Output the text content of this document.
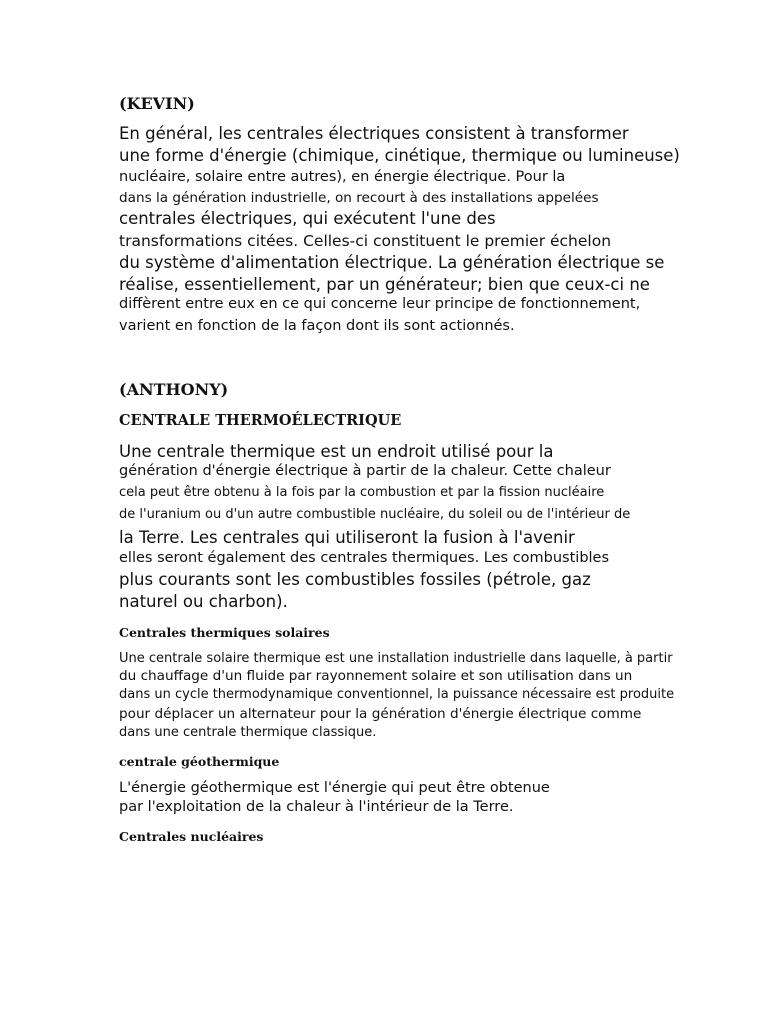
(KEVIN)

En général, les centrales électriques consistent à transformer

une forme d'énergie (chimique, cinétique, thermique ou lumineuse)

nucléaire, solaire entre autres), en énergie électrique. Pour la

dans la génération industrielle, on recourt à des installations appelées

centrales électriques, qui exécutent l'une des

transformations citées. Celles-ci constituent le premier échelon

du système d'alimentation électrique. La génération électrique se

réalise, essentiellement, par un générateur; bien que ceux-ci ne

diffèrent entre eux en ce qui concerne leur principe de fonctionnement,

varient en fonction de la façon dont ils sont actionnés.

(ANTHONY)

CENTRALE THERMOÉLECTRIQUE

Une centrale thermique est un endroit utilisé pour la

génération d'énergie électrique à partir de la chaleur. Cette chaleur

cela peut être obtenu à la fois par la combustion et par la fission nucléaire

de l'uranium ou d'un autre combustible nucléaire, du soleil ou de l'intérieur de

la Terre. Les centrales qui utiliseront la fusion à l'avenir

elles seront également des centrales thermiques. Les combustibles

plus courants sont les combustibles fossiles (pétrole, gaz

naturel ou charbon).

Centrales thermiques solaires

Une centrale solaire thermique est une installation industrielle dans laquelle, à partir

du chauffage d'un fluide par rayonnement solaire et son utilisation dans un

dans un cycle thermodynamique conventionnel, la puissance nécessaire est produite

pour déplacer un alternateur pour la génération d'énergie électrique comme

dans une centrale thermique classique.

centrale géothermique

L'énergie géothermique est l'énergie qui peut être obtenue

par l'exploitation de la chaleur à l'intérieur de la Terre.

Centrales nucléaires
